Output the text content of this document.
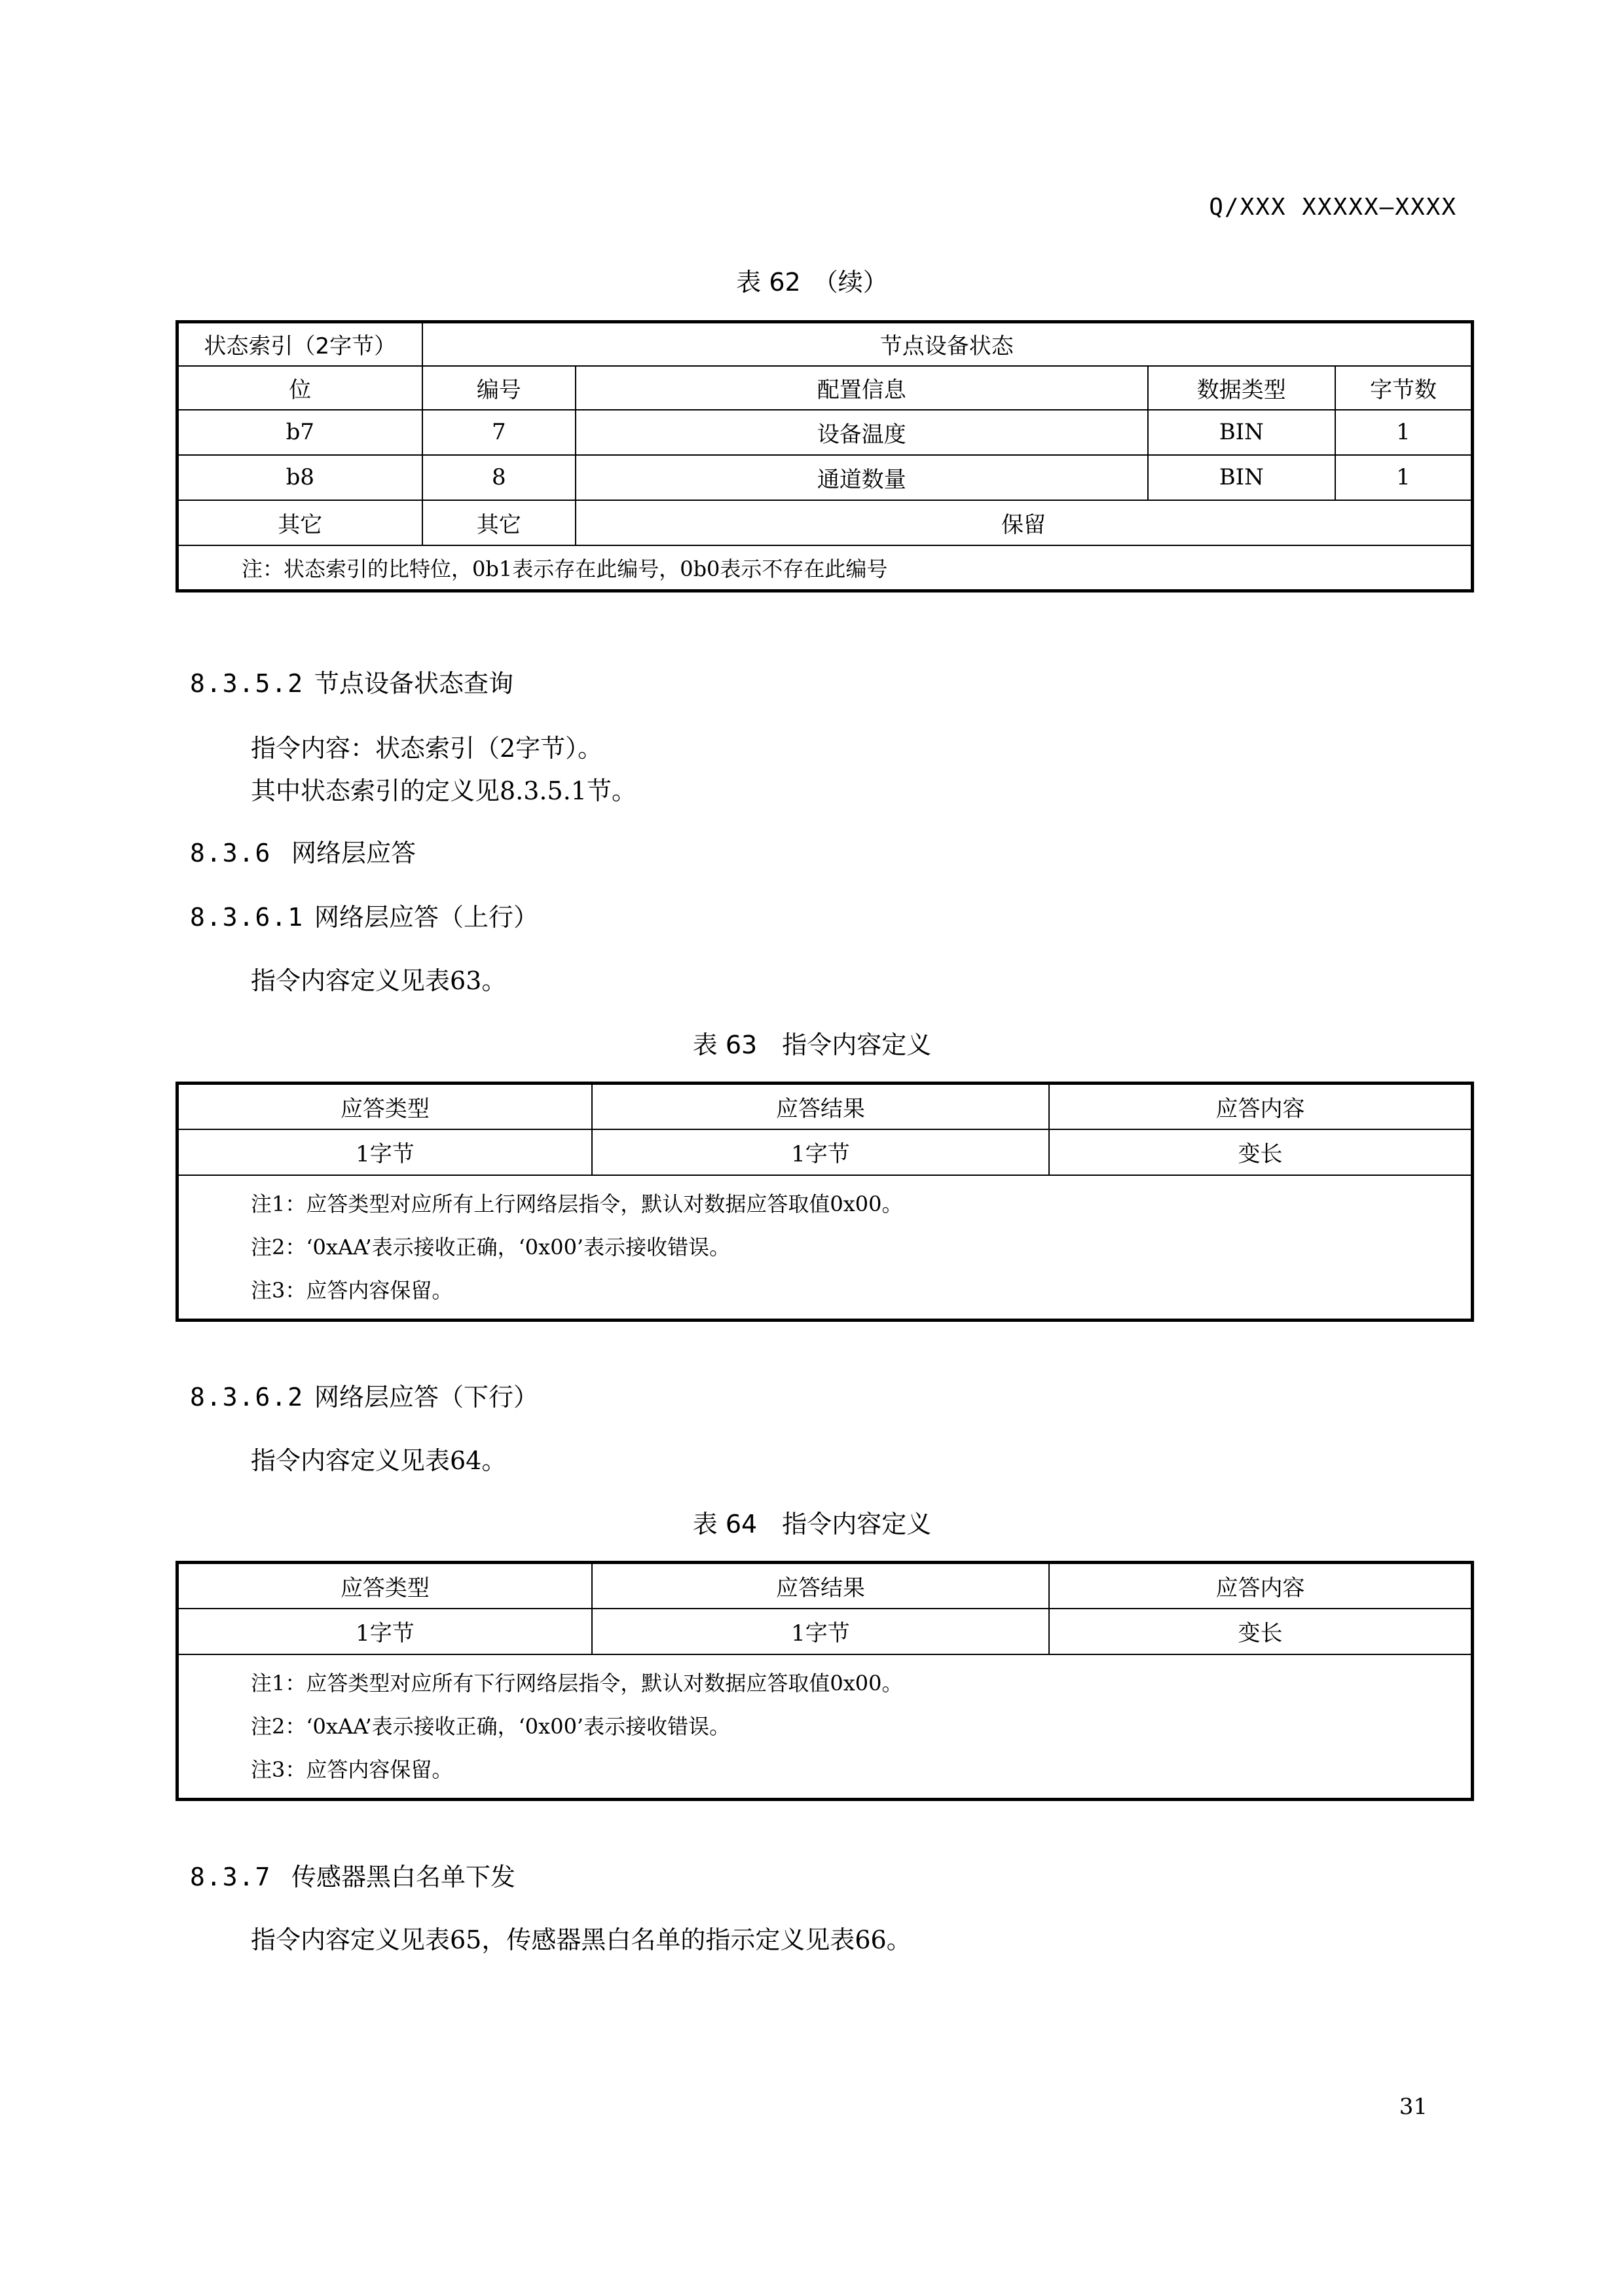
Q/XXX XXXXX—XXXX
表 62　（续）
状态索引（2字节）	节点设备状态			
位	编号	配置信息	数据类型	字节数
b7	7	设备温度	BIN	1
b8	8	通道数量	BIN	1
其它	其它	保留		
注：状态索引的比特位，0b1表示存在此编号，0b0表示不存在此编号				
8.3.5.2 节点设备状态查询
指令内容：状态索引（2字节）。
其中状态索引的定义见8.3.5.1节。
8.3.6 网络层应答
8.3.6.1 网络层应答（上行）
指令内容定义见表63。
表 63　指令内容定义
应答类型	应答结果	应答内容
1字节	1字节	变长

注1：应答类型对应所有上行网络层指令，默认对数据应答取值0x00。
注2：‘0xAA’表示接收正确，‘0x00’表示接收错误。
注3：应答内容保留。		
8.3.6.2 网络层应答（下行）
指令内容定义见表64。
表 64　指令内容定义
应答类型	应答结果	应答内容
1字节	1字节	变长

注1：应答类型对应所有下行网络层指令，默认对数据应答取值0x00。
注2：‘0xAA’表示接收正确，‘0x00’表示接收错误。
注3：应答内容保留。		
8.3.7 传感器黑白名单下发
指令内容定义见表65，传感器黑白名单的指示定义见表66。
31
